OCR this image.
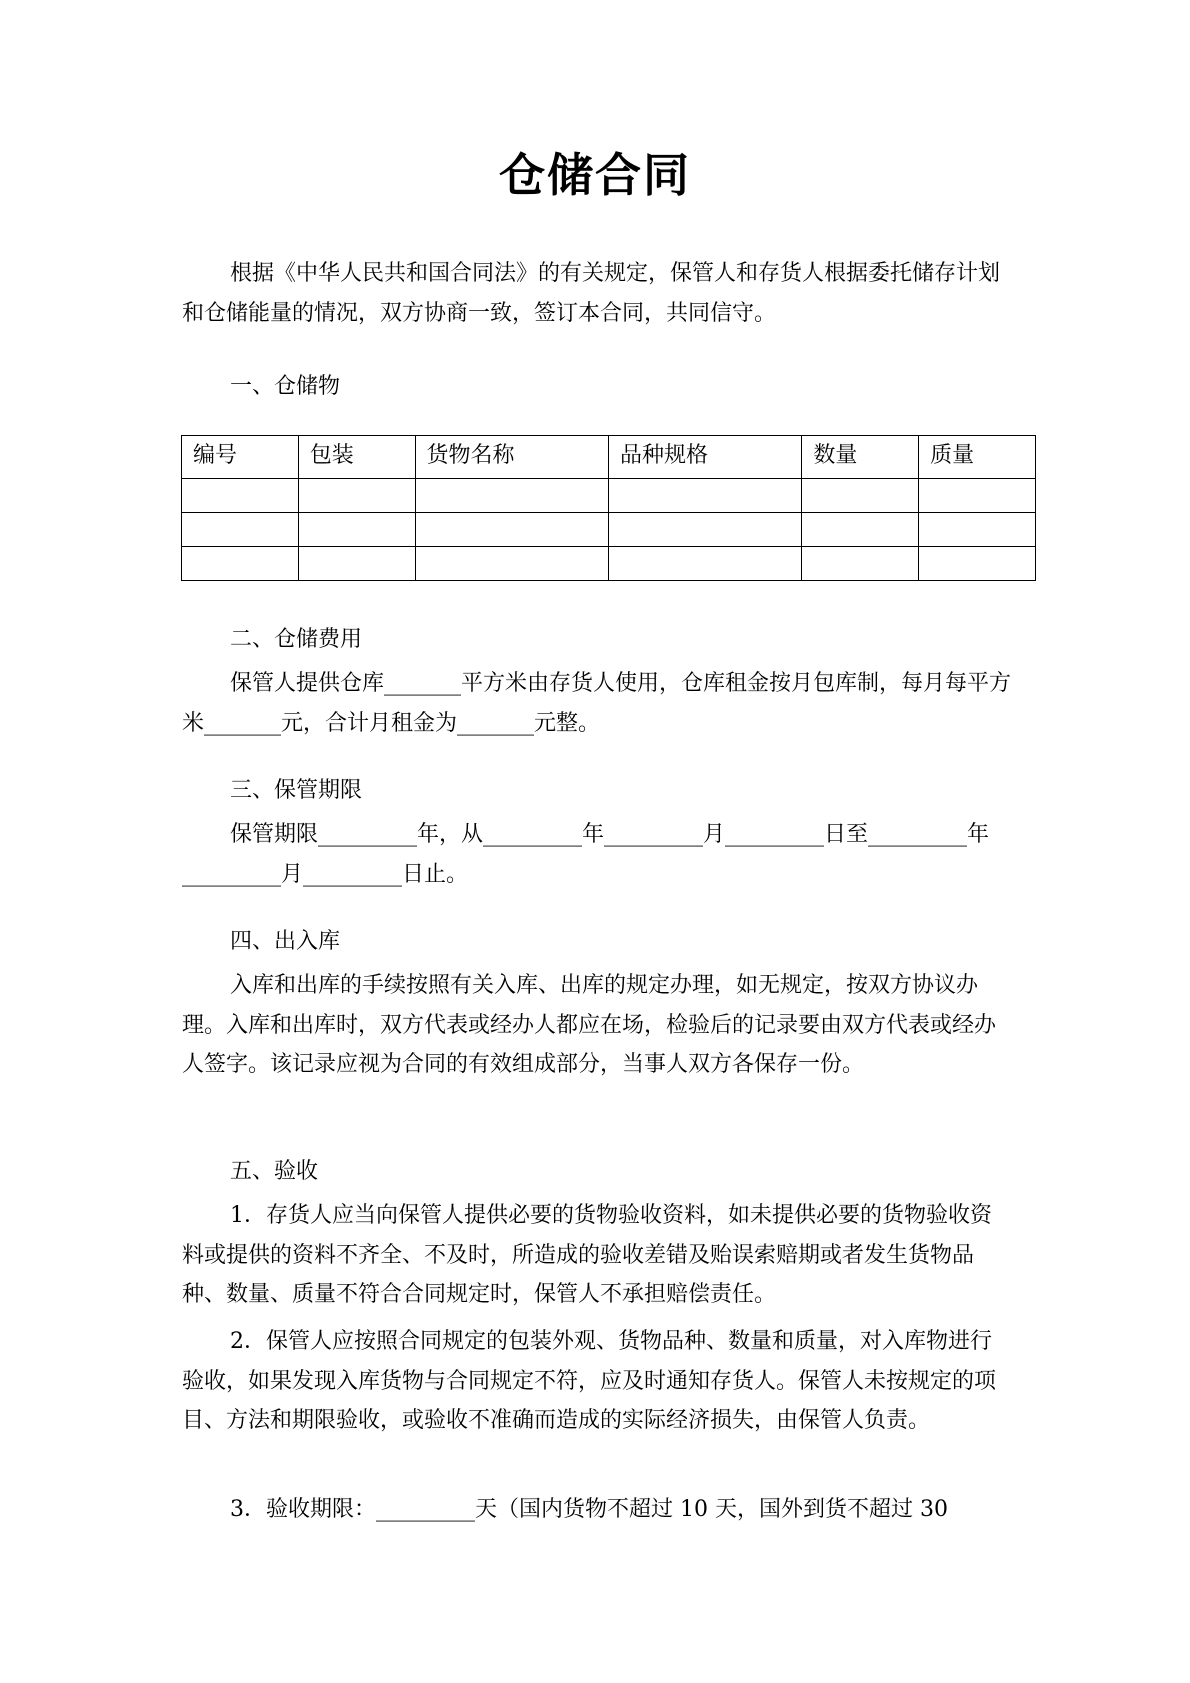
仓储合同

根据《中华人民共和国合同法》的有关规定，保管人和存货人根据委托储存计划和仓储能量的情况，双方协商一致，签订本合同，共同信守。

一、仓储物

编号	包装	货物名称	品种规格	数量	质量

二、仓储费用

保管人提供仓库_______平方米由存货人使用，仓库租金按月包库制，每月每平方米_______元，合计月租金为_______元整。

三、保管期限

保管期限_________年，从_________年_________月_________日至_________年_________月_________日止。

四、出入库

入库和出库的手续按照有关入库、出库的规定办理，如无规定，按双方协议办理。入库和出库时，双方代表或经办人都应在场，检验后的记录要由双方代表或经办人签字。该记录应视为合同的有效组成部分，当事人双方各保存一份。

五、验收

1．存货人应当向保管人提供必要的货物验收资料，如未提供必要的货物验收资料或提供的资料不齐全、不及时，所造成的验收差错及贻误索赔期或者发生货物品种、数量、质量不符合合同规定时，保管人不承担赔偿责任。

2．保管人应按照合同规定的包装外观、货物品种、数量和质量，对入库物进行验收，如果发现入库货物与合同规定不符，应及时通知存货人。保管人未按规定的项目、方法和期限验收，或验收不准确而造成的实际经济损失，由保管人负责。

3．验收期限：_________天（国内货物不超过 10 天，国外到货不超过 30
